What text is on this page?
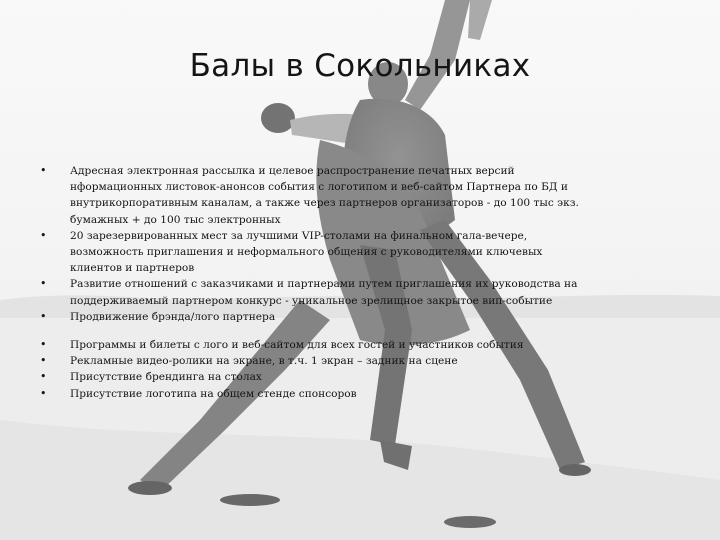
Балы в Сокольниках
• Адресная электронная рассылка и целевое распространение печатных версий нформационных листовок-анонсов события с логотипом и веб-сайтом Партнера по БД и внутрикорпоративным каналам, а также через партнеров организаторов - до 100 тыс экз. бумажных + до 100 тыс электронных
• 20 зарезервированных мест за лучшими VIP-столами на финальном гала-вечере, возможность приглашения и неформального общения с руководителями ключевых клиентов и партнеров
• Развитие отношений с заказчиками и партнерами путем приглашения их руководства на поддерживаемый партнером конкурс - уникальное зрелищное закрытое вип-событие
• Продвижение брэнда/лого партнера
• Программы и билеты с лого и веб-сайтом для всех гостей и участников события
• Рекламные видео-ролики на экране, в т.ч. 1 экран – задник на сцене
• Присутствие брендинга на столах
• Присутствие логотипа на общем стенде спонсоров
